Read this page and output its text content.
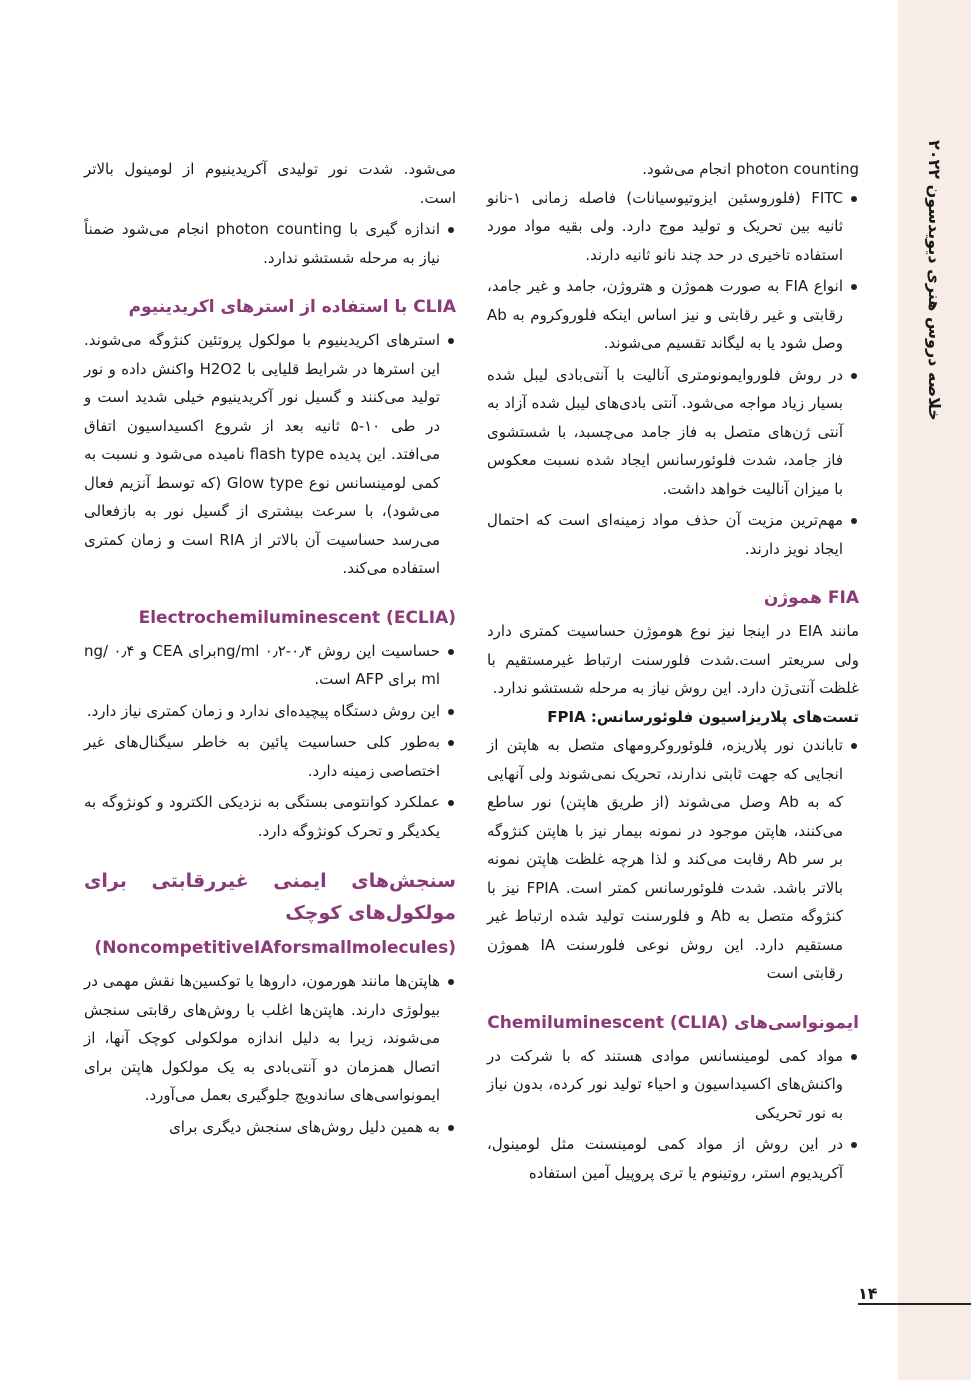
خلاصه دروس هنری دیویدسون ۲۰۲۲

photon counting انجام می‌شود.

FITC (فلوروسئین ایزوتیوسیانات) فاصله زمانی ۱-نانو ثانیه بین تحریک و تولید موج دارد. ولی بقیه مواد مورد استفاده تاخیری در حد چند نانو ثانیه دارند.
انواع FIA به صورت هموژن و هتروژن، جامد و غیر جامد، رقابتی و غیر رقابتی و نیز اساس اینکه فلوروکروم به Ab وصل شود یا به لیگاند تقسیم می‌شوند.
در روش فلوروایمونومتری آنالیت با آنتی‌بادی لیبل شده بسیار زیاد مواجه می‌شود. آنتی بادی‌های لیبل شده آزاد به آنتی ژن‌های متصل به فاز جامد می‌چسبد، با شستشوی فاز جامد، شدت فلوئورسانس ایجاد شده نسبت معکوس با میزان آنالیت خواهد داشت.
مهم‌ترین مزیت آن حذف مواد زمینه‌ای است که احتمال ایجاد نویز دارند.
FIA هموژن

مانند EIA در اینجا نیز نوع هوموژن حساسیت کمتری دارد ولی سریعتر است.شدت فلورسنت ارتباط غیرمستقیم با غلظت آنتی‌ژن دارد. این روش نیاز به مرحله شستشو ندارد.

تست‌های پلاریزاسیون فلوئورسانس: FPIA

تاباندن نور پلاریزه، فلوئوروکرومهای متصل به هاپتن از انجایی که جهت ثابتی ندارند، تحریک نمی‌شوند ولی آنهایی که به Ab وصل می‌شوند (از طریق هاپتن) نور ساطع می‌کنند، هاپتن موجود در نمونه بیمار نیز با هاپتن کنژوگه بر سر Ab رقابت می‌کند و لذا هرچه غلظت هاپتن نمونه بالاتر باشد. شدت فلوئورسانس کمتر است. FPIA نیز با کنژوگه متصل به Ab و فلورسنت تولید شده ارتباط غیر مستقیم دارد. این روش نوعی فلورسنت IA هموژن رقابتی است
ایمونواسی‌های Chemiluminescent (CLIA)
مواد کمی لومینسانس موادی هستند که با شرکت در واکنش‌های اکسیداسیون و احیاء تولید نور کرده، بدون نیاز به نور تحریکی
در این روش از مواد کمی لومینسنت مثل لومینول، آکریدیوم استر، روتینوم یا تری پروپیل آمین استفاده
می‌شود. شدت نور تولیدی آکریدینیوم از لومینول بالاتر است.
اندازه گیری با photon counting انجام می‌شود ضمناً نیاز به مرحله شستشو ندارد.
CLIA با استفاده از استرهای اکریدینیوم
استرهای اکریدینیوم با مولکول پروتئین کنژوگه می‌شوند. این استرها در شرایط قلیایی با H2O2 واکنش داده و نور تولید می‌کنند و گسیل نور آکریدینیوم خیلی شدید است و در طی ۱۰-۵ ثانیه بعد از شروع اکسیداسیون اتفاق می‌افتد. این پدیده flash type نامیده می‌شود و نسبت به کمی لومینسانس نوع Glow type (که توسط آنزیم فعال می‌شود)، با سرعت بیشتری از گسیل نور به بازفعالی می‌رسد حساسیت آن بالاتر از RIA است و زمان کمتری استفاده می‌کند.
Electrochemiluminescent (ECLIA)
حساسیت این روش ng/ml ۰٫۲-۰٫۴برای CEA و ng/ ۰٫۴ ml برای AFP است.
این روش دستگاه پیچیده‌ای ندارد و زمان کمتری نیاز دارد.
به‌طور کلی حساسیت پائین به خاطر سیگنال‌های غیر اختصاصی زمینه دارد.
عملکرد کوانتومی بستگی به نزدیکی الکترود و کونژوگه به یکدیگر و تحرک کونژوگه دارد.
سنجش‌های ایمنی غیررقابتی برای مولکول‌های کوچک
(NoncompetitiveIAforsmallmolecules)
هاپتن‌ها مانند هورمون، داروها یا توکسین‌ها نقش مهمی در بیولوژی دارند. هاپتن‌ها اغلب با روش‌های رقابتی سنجش می‌شوند، زیرا به دلیل اندازه مولکولی کوچک آنها، از اتصال همزمان دو آنتی‌بادی به یک مولکول هاپتن برای ایمونواسی‌های ساندویچ جلوگیری بعمل می‌آورد.
به همین دلیل روش‌های سنجش دیگری برای
۱۴
